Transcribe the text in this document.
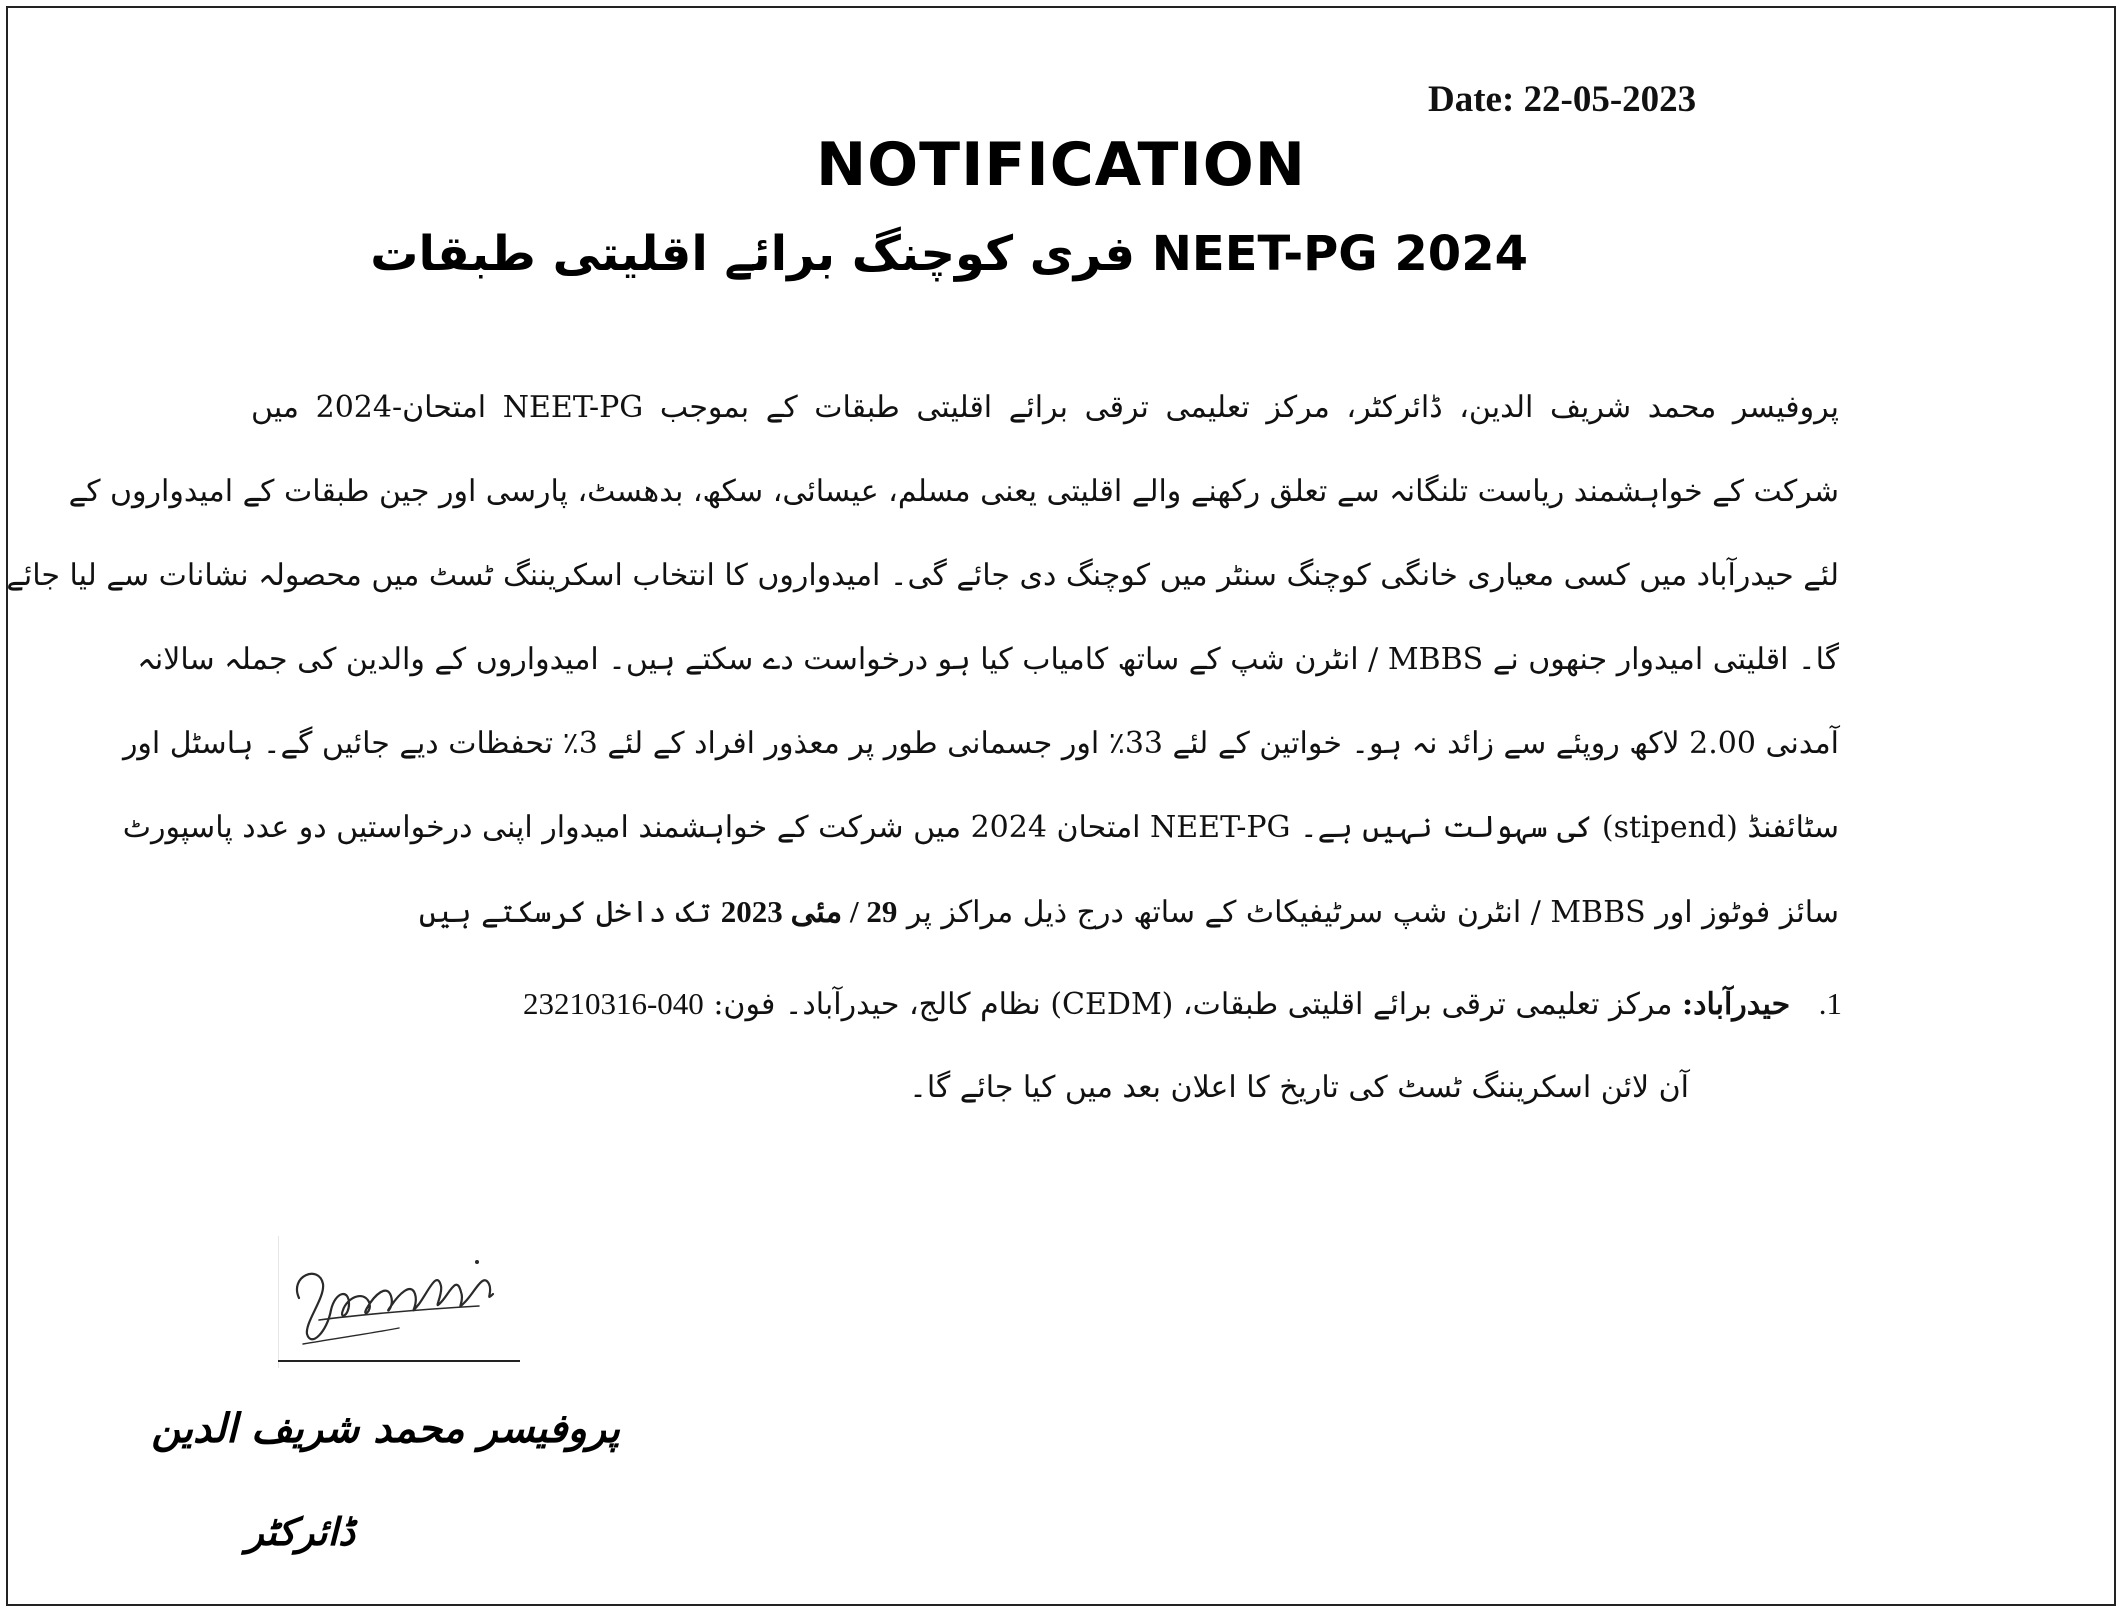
Date: 22-05-2023
NOTIFICATION
NEET-PG 2024 فری کوچنگ برائے اقلیتی طبقات
پروفیسر محمد شریف الدین، ڈائرکٹر، مرکز تعلیمی ترقی برائے اقلیتی طبقات کے بموجب NEET-PG امتحان-2024 میں
شرکت کے خواہشمند ریاست تلنگانہ سے تعلق رکھنے والے اقلیتی یعنی مسلم، عیسائی، سکھ، بدھسٹ، پارسی اور جین طبقات کے امیدواروں کے
لئے حیدرآباد میں کسی معیاری خانگی کوچنگ سنٹر میں کوچنگ دی جائے گی۔ امیدواروں کا انتخاب اسکریننگ ٹسٹ میں محصولہ نشانات سے لیا جائے
گا۔ اقلیتی امیدوار جنھوں نے MBBS / انٹرن شپ کے ساتھ کامیاب کیا ہو درخواست دے سکتے ہیں۔ امیدواروں کے والدین کی جملہ سالانہ
آمدنی 2.00 لاکھ روپئے سے زائد نہ ہو۔ خواتین کے لئے 33٪ اور جسمانی طور پر معذور افراد کے لئے 3٪ تحفظات دیے جائیں گے۔ ہاسٹل اور
سٹائفنڈ (stipend) کی سہولت نہیں ہے۔ NEET-PG امتحان 2024 میں شرکت کے خواہشمند امیدوار اپنی درخواستیں دو عدد پاسپورٹ
سائز فوٹوز اور MBBS / انٹرن شپ سرٹیفیکاٹ کے ساتھ درج ذیل مراکز پر 29 / مئی 2023 تک داخل کرسکتے ہیں
1.   حیدرآباد: مرکز تعلیمی ترقی برائے اقلیتی طبقات، (CEDM) نظام کالج، حیدرآباد۔ فون: 040-23210316
آن لائن اسکریننگ ٹسٹ کی تاریخ کا اعلان بعد میں کیا جائے گا۔
پروفیسر محمد شریف الدین
ڈائرکٹر
